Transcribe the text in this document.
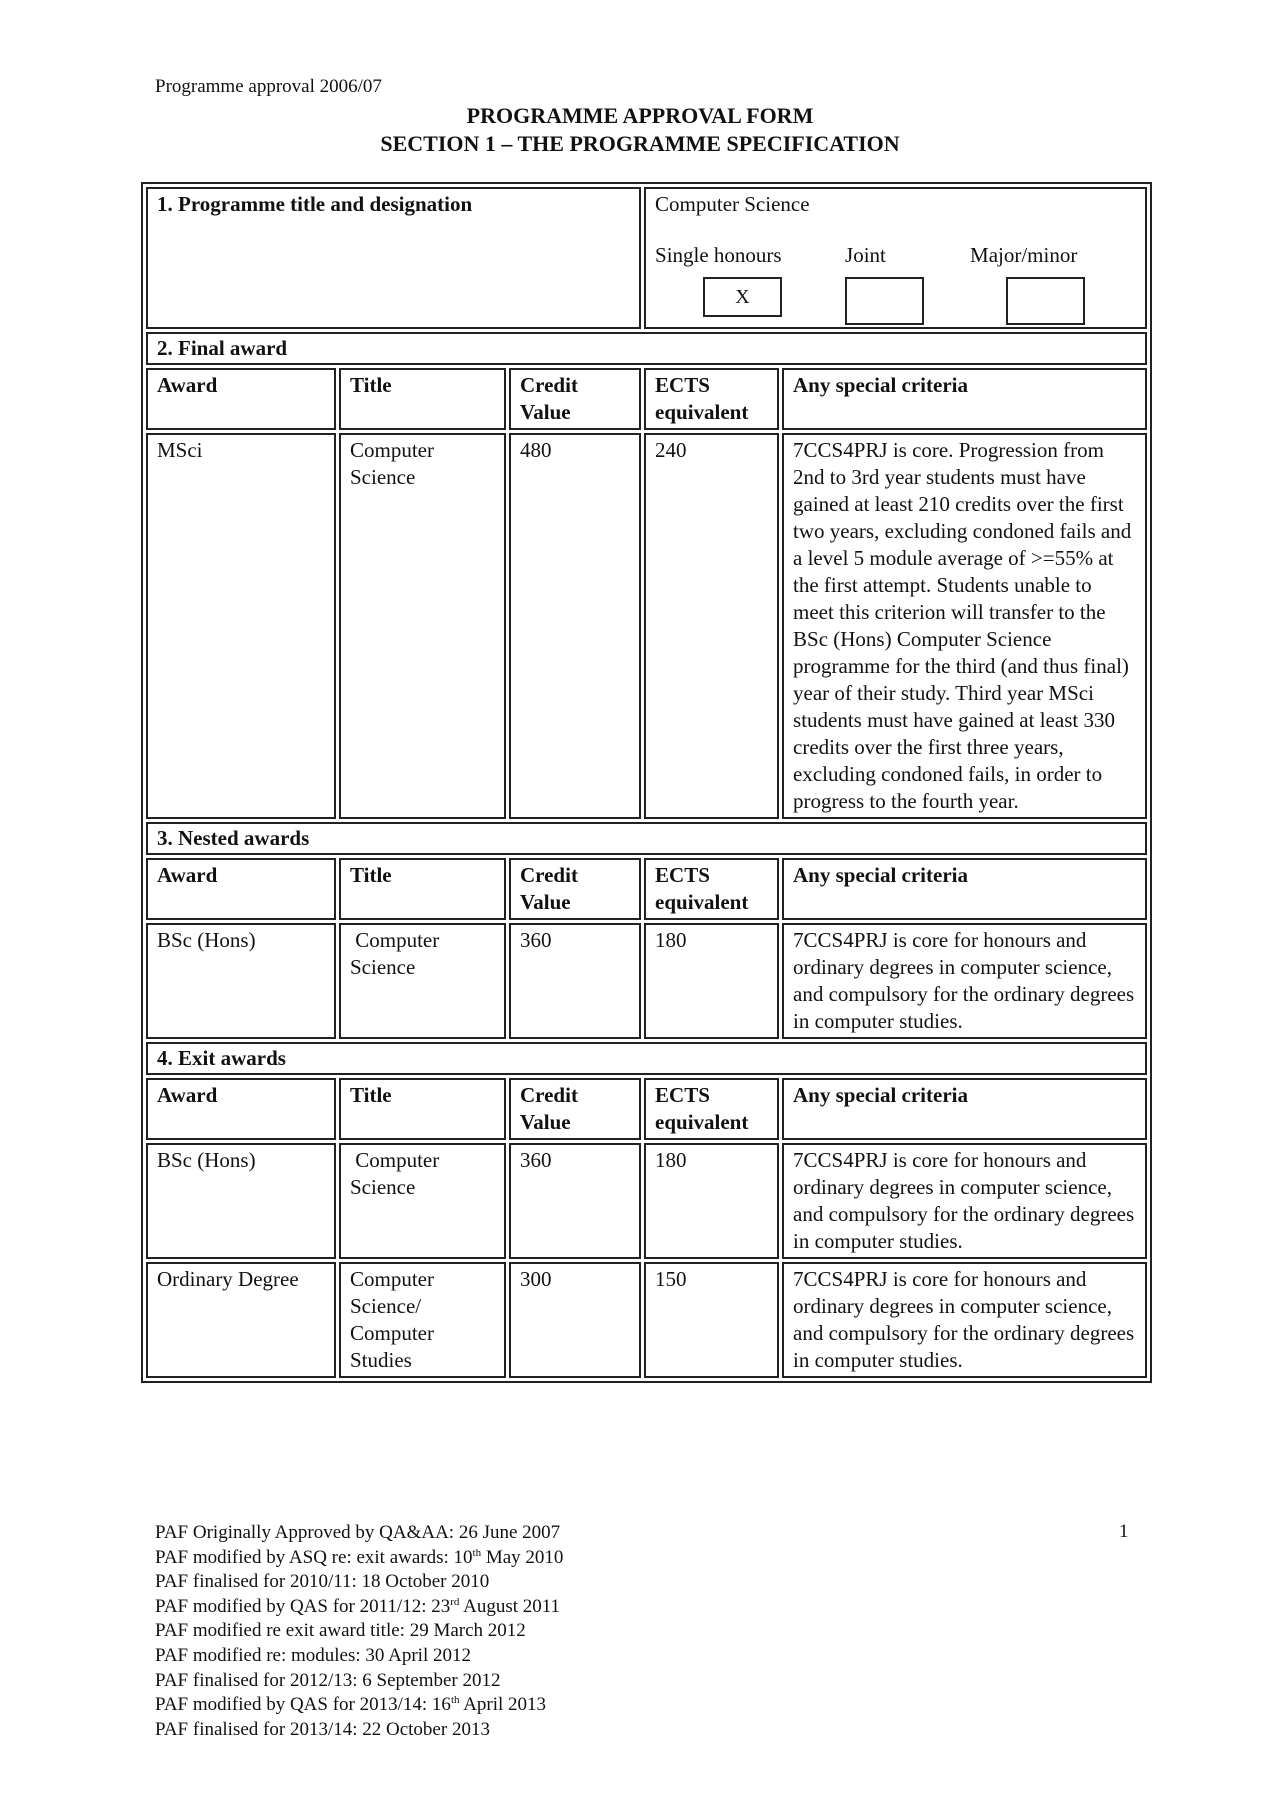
Programme approval 2006/07
PROGRAMME APPROVAL FORM
SECTION 1 – THE PROGRAMME SPECIFICATION
1. Programme title and designation			Computer Science
Single honours
X
Joint Major/minor	

2. Final award				
Award	Title	Credit Value	ECTS equivalent	Any special criteria
MSci	Computer Science	480	240	7CCS4PRJ is core. Progression from 2nd to 3rd year students must have gained at least 210 credits over the first two years, excluding condoned fails and a level 5 module average of >=55% at the first attempt. Students unable to meet this criterion will transfer to the BSc (Hons) Computer Science programme for the third (and thus final) year of their study. Third year MSci students must have gained at least 330 credits over the first three years, excluding condoned fails, in order to progress to the fourth year.
3. Nested awards				
Award	Title	Credit Value	ECTS equivalent	Any special criteria
BSc (Hons)	Computer Science	360	180	7CCS4PRJ is core for honours and ordinary degrees in computer science, and compulsory for the ordinary degrees in computer studies.
4. Exit awards				
Award	Title	Credit Value	ECTS equivalent	Any special criteria
BSc (Hons)	Computer Science	360	180	7CCS4PRJ is core for honours and ordinary degrees in computer science, and compulsory for the ordinary degrees in computer studies.
Ordinary Degree	Computer Science/ Computer Studies	300	150	7CCS4PRJ is core for honours and ordinary degrees in computer science, and compulsory for the ordinary degrees in computer studies.
PAF Originally Approved by QA&AA: 26 June 2007
PAF modified by ASQ re: exit awards: 10th May 2010
PAF finalised for 2010/11: 18 October 2010
PAF modified by QAS for 2011/12: 23rd August 2011
PAF modified re exit award title: 29 March 2012
PAF modified re: modules: 30 April 2012
PAF finalised for 2012/13: 6 September 2012
PAF modified by QAS for 2013/14: 16th April 2013
PAF finalised for 2013/14: 22 October 2013
1
